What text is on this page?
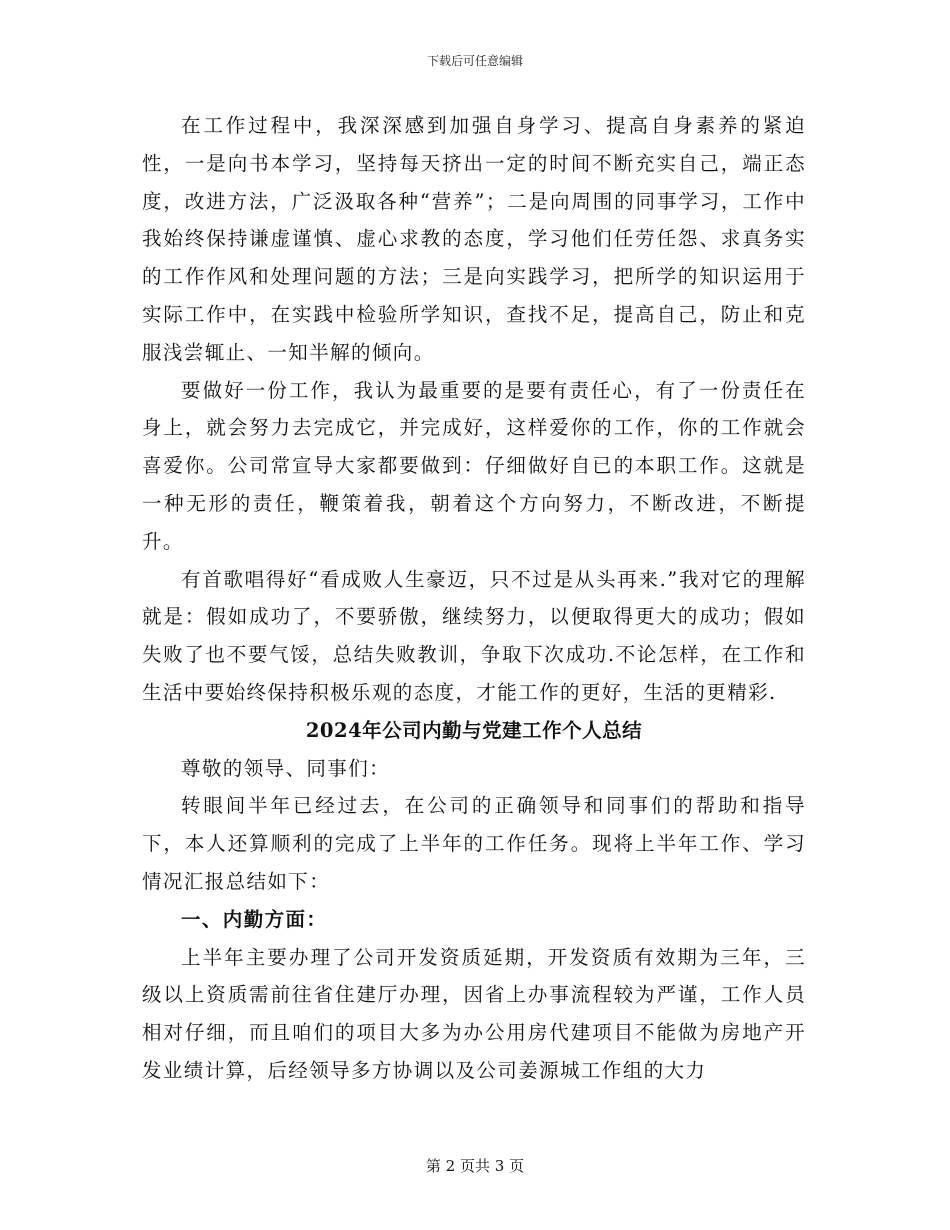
下载后可任意编辑

在工作过程中，我深深感到加强自身学习、提高自身素养的紧迫性，一是向书本学习，坚持每天挤出一定的时间不断充实自己，端正态度，改进方法，广泛汲取各种“营养”；二是向周围的同事学习，工作中我始终保持谦虚谨慎、虚心求教的态度，学习他们任劳任怨、求真务实的工作作风和处理问题的方法；三是向实践学习，把所学的知识运用于实际工作中，在实践中检验所学知识，查找不足，提高自己，防止和克服浅尝辄止、一知半解的倾向。

要做好一份工作，我认为最重要的是要有责任心，有了一份责任在身上，就会努力去完成它，并完成好，这样爱你的工作，你的工作就会喜爱你。公司常宣导大家都要做到：仔细做好自已的本职工作。这就是一种无形的责任，鞭策着我，朝着这个方向努力，不断改进，不断提升。

有首歌唱得好“看成败人生豪迈，只不过是从头再来.”我对它的理解就是：假如成功了，不要骄傲，继续努力，以便取得更大的成功；假如失败了也不要气馁，总结失败教训，争取下次成功.不论怎样，在工作和生活中要始终保持积极乐观的态度，才能工作的更好，生活的更精彩.

2024年公司内勤与党建工作个人总结

尊敬的领导、同事们：

转眼间半年已经过去，在公司的正确领导和同事们的帮助和指导下，本人还算顺利的完成了上半年的工作任务。现将上半年工作、学习情况汇报总结如下：

一、内勤方面：

上半年主要办理了公司开发资质延期，开发资质有效期为三年，三级以上资质需前往省住建厅办理，因省上办事流程较为严谨，工作人员相对仔细，而且咱们的项目大多为办公用房代建项目不能做为房地产开发业绩计算，后经领导多方协调以及公司姜源城工作组的大力

第 2 页共 3 页
